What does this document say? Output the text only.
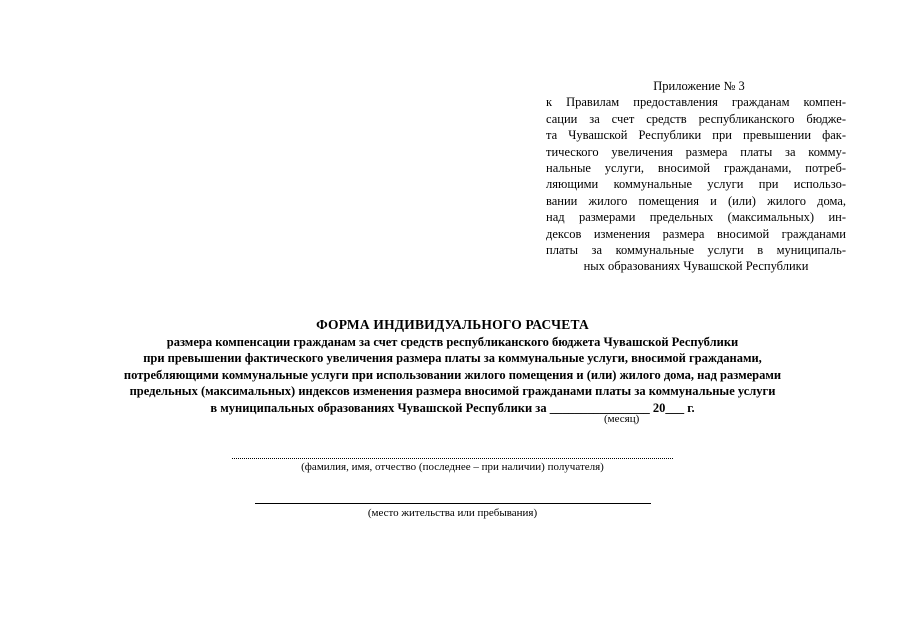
Приложение № 3
к Правилам предоставления гражданам компен-
сации за счет средств республиканского бюдже-
та Чувашской Республики при превышении фак-
тического увеличения размера платы за комму-
нальные услуги, вносимой гражданами, потреб-
ляющими коммунальные услуги при использо-
вании жилого помещения и (или) жилого дома,
над размерами предельных (максимальных) ин-
дексов изменения размера вносимой гражданами
платы за коммунальные услуги в муниципаль-
ных образованиях Чувашской Республики
ФОРМА ИНДИВИДУАЛЬНОГО РАСЧЕТА
размера компенсации гражданам за счет средств республиканского бюджета Чувашской Республики
при превышении фактического увеличения размера платы за коммунальные услуги, вносимой гражданами,
потребляющими коммунальные услуги при использовании жилого помещения и (или) жилого дома, над размерами
предельных (максимальных) индексов изменения размера вносимой гражданами платы за коммунальные услуги
в муниципальных образованиях Чувашской Республики за ________________ 20___ г.
(месяц)
(фамилия, имя, отчество (последнее – при наличии) получателя)
(место жительства или пребывания)
